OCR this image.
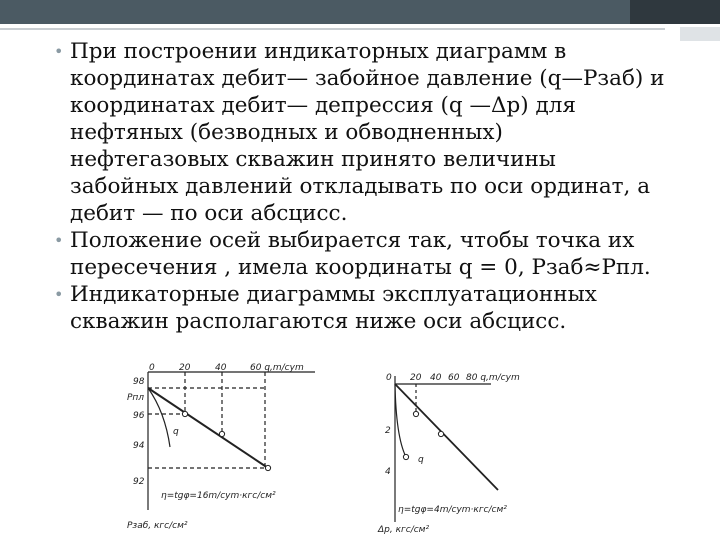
• При построении индикаторных диаграмм в координатах дебит— забойное давление (q—Рзаб) и координатах дебит— депрессия (q —Δр) для нефтяных (безводных и обводненных) нефтегазовых скважин принято величины забойных давлений откладывать по оси ординат, а дебит — по оси абсцисс.
• Положение осей выбирается так, чтобы точка их пересечения , имела координаты q = 0, Рзаб≈Рпл.
• Индикаторные диаграммы эксплуатационных скважин располагаются ниже оси абсцисс.
98
Рпл
96
94
92
0	20	40	60 q,m/cym
q
η=tgφ=16m/cym·кгс/см²
Рзаб, кгс/см²
0 20 40 60 80 q,m/cym
2
4
q
η=tgφ=4m/cym·кгс/см²
Δp, кгс/см²
